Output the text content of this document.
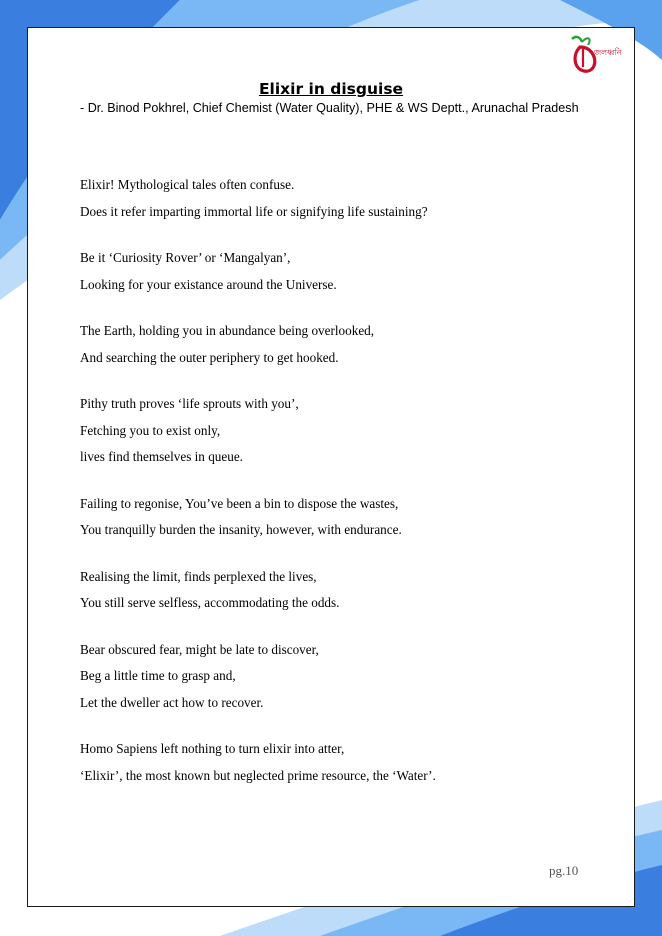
জলধ্বনি
Elixir in disguise

- Dr. Binod Pokhrel, Chief Chemist (Water Quality), PHE & WS Deptt., Arunachal Pradesh

Elixir! Mythological tales often confuse.
Does it refer imparting immortal life or signifying life sustaining?
Be it ‘Curiosity Rover’ or ‘Mangalyan’,
Looking for your existance around the Universe.
The Earth, holding you in abundance being overlooked,
And searching the outer periphery to get hooked.
Pithy truth proves ‘life sprouts with you’,
Fetching you to exist only,
lives find themselves in queue.
Failing to regonise, You’ve been a bin to dispose the wastes,
You tranquilly burden the insanity, however, with endurance.
Realising the limit, finds perplexed the lives,
You still serve selfless, accommodating the odds.
Bear obscured fear, might be late to discover,
Beg a little time to grasp and,
Let the dweller act how to recover.
Homo Sapiens left nothing to turn elixir into atter,
‘Elixir’, the most known but neglected prime resource, the ‘Water’.
pg.10
